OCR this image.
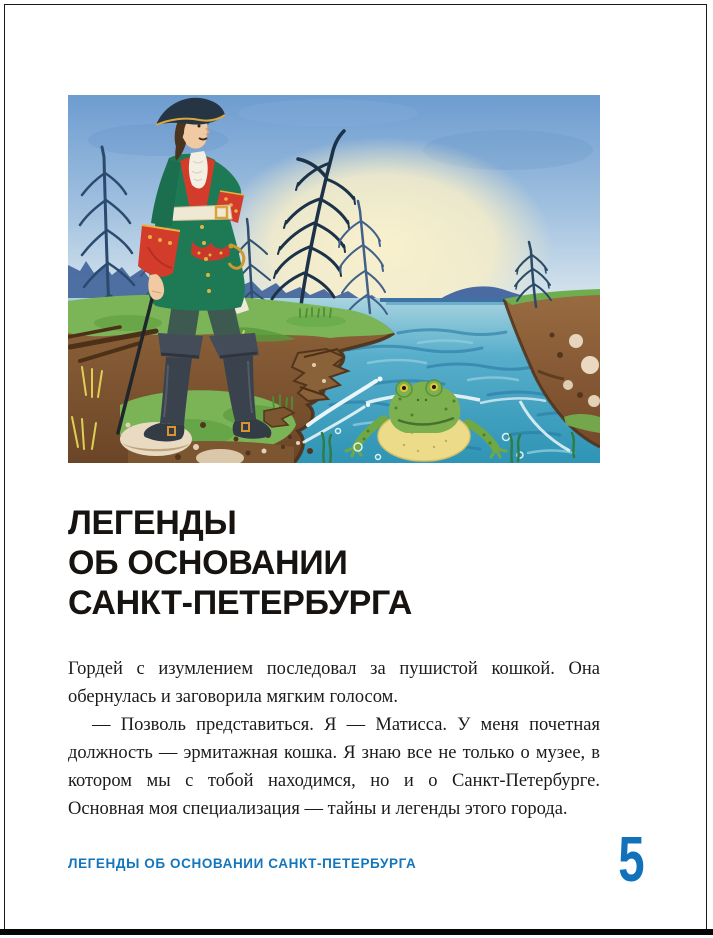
ЛЕГЕНДЫ
ОБ ОСНОВАНИИ
САНКТ-ПЕТЕРБУРГА

Гордей с изумлением последовал за пушистой кошкой. Она обернулась и заговорила мягким голосом.

— Позволь представиться. Я — Матисса. У меня почетная должность — эрмитажная кошка. Я знаю все не только о музее, в котором мы с тобой находимся, но и о Санкт-Петербурге. Основная моя специализация — тайны и легенды этого города.

ЛЕГЕНДЫ ОБ ОСНОВАНИИ САНКТ-ПЕТЕРБУРГА	5
